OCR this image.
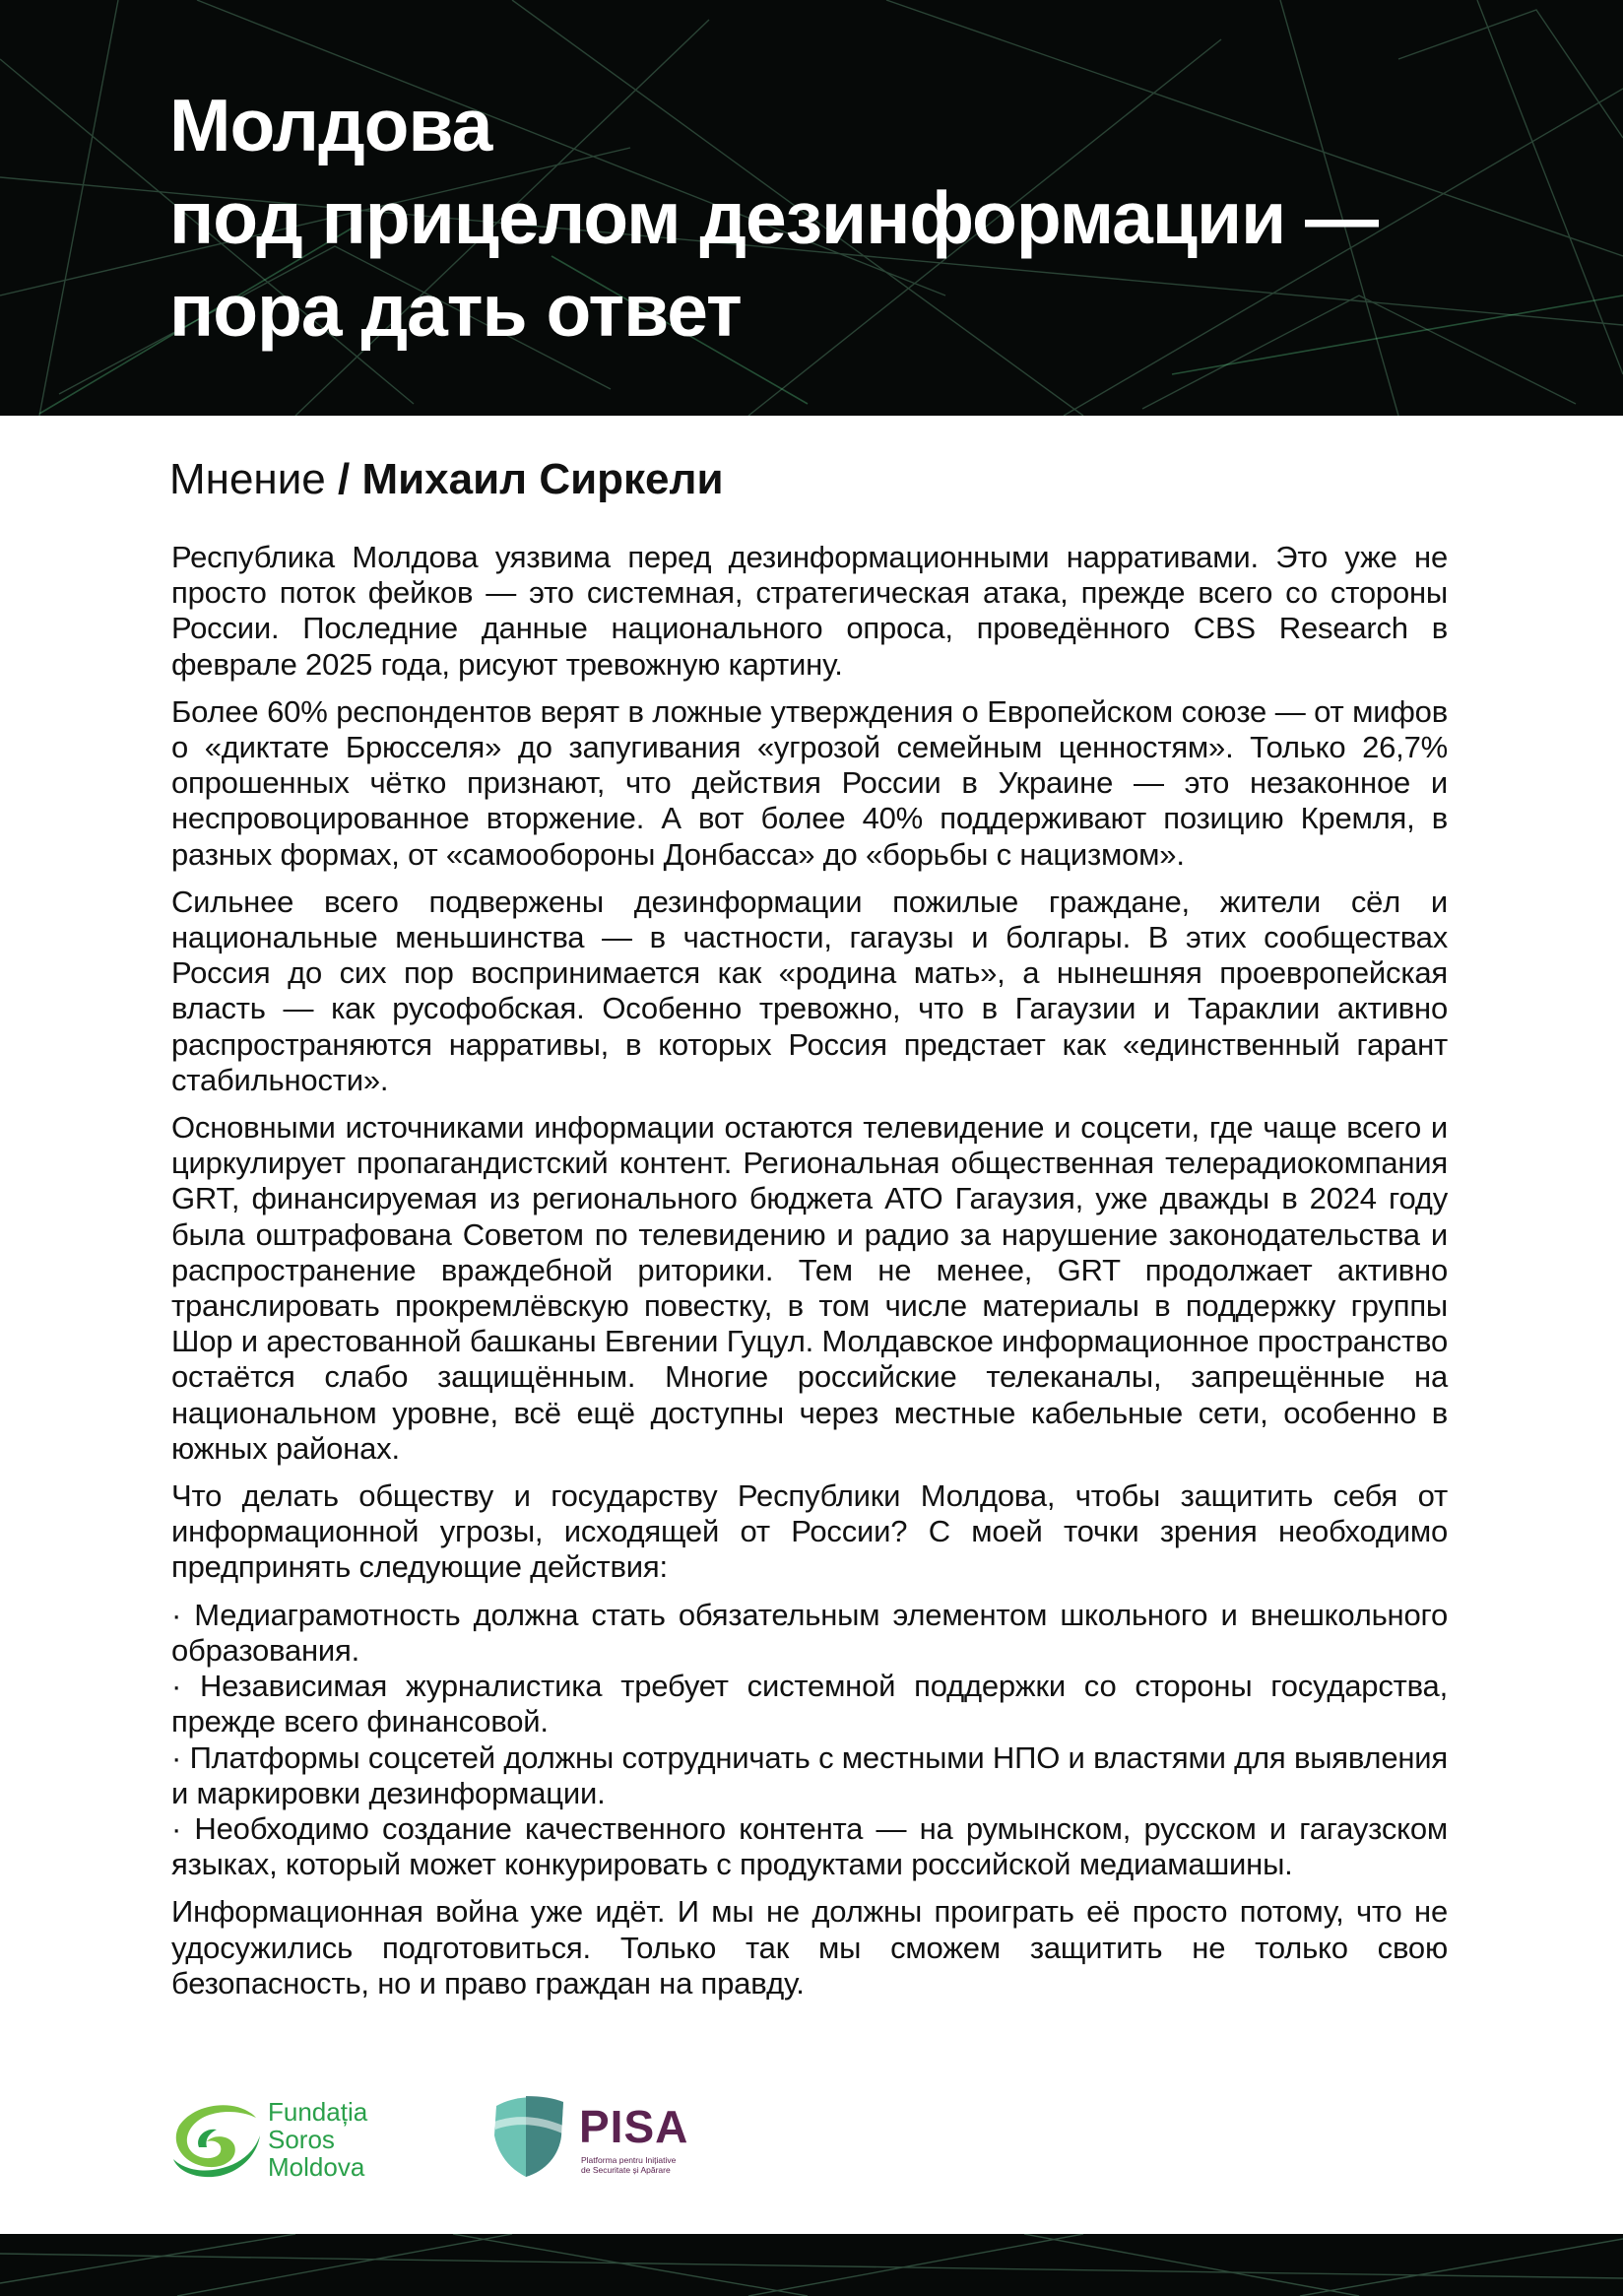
Молдова
под прицелом дезинформации —
пора дать ответ
Мнение / Михаил Сиркели

Республика Молдова уязвима перед дезинформационными нарративами. Это уже не просто поток фейков — это системная, стратегическая атака, прежде всего со стороны России. Последние данные национального опроса, проведённого CBS Research в феврале 2025 года, рисуют тревожную картину.

Более 60% респондентов верят в ложные утверждения о Европейском союзе — от мифов о «диктате Брюсселя» до запугивания «угрозой семейным ценностям». Только 26,7% опрошенных чётко признают, что действия России в Украине — это незаконное и неспровоцированное вторжение. А вот более 40% поддерживают позицию Кремля, в разных формах, от «самообороны Донбасса» до «борьбы с нацизмом».

Сильнее всего подвержены дезинформации пожилые граждане, жители сёл и национальные меньшинства — в частности, гагаузы и болгары. В этих сообществах Россия до сих пор воспринимается как «родина мать», а нынешняя проевропейская власть — как русофобская. Особенно тревожно, что в Гагаузии и Тараклии активно распространяются нарративы, в которых Россия предстает как «единственный гарант стабильности».

Основными источниками информации остаются телевидение и соцсети, где чаще всего и циркулирует пропагандистский контент. Региональная общественная телерадиокомпания GRT, финансируемая из регионального бюджета АТО Гагаузия, уже дважды в 2024 году была оштрафована Советом по телевидению и радио за нарушение законодательства и распространение враждебной риторики. Тем не менее, GRT продолжает активно транслировать прокремлёвскую повестку, в том числе материалы в поддержку группы Шор и арестованной башканы Евгении Гуцул. Молдавское информационное пространство остаётся слабо защищённым. Многие российские телеканалы, запрещённые на национальном уровне, всё ещё доступны через местные кабельные сети, особенно в южных районах.

Что делать обществу и государству Республики Молдова, чтобы защитить себя от информационной угрозы, исходящей от России? С моей точки зрения необходимо предпринять следующие действия:

· Медиаграмотность должна стать обязательным элементом школьного и внешкольного образования.
· Независимая журналистика требует системной поддержки со стороны государства, прежде всего финансовой.
· Платформы соцсетей должны сотрудничать с местными НПО и властями для выявления и маркировки дезинформации.
· Необходимо создание качественного контента — на румынском, русском и гагаузском языках, который может конкурировать с продуктами российской медиамашины.

Информационная война уже идёт. И мы не должны проиграть её просто потому, что не удосужились подготовиться. Только так мы сможем защитить не только свою безопасность, но и право граждан на правду.

Fundația
Soros
Moldova
PISA
Platforma pentru Inițiative
de Securitate și Apărare
